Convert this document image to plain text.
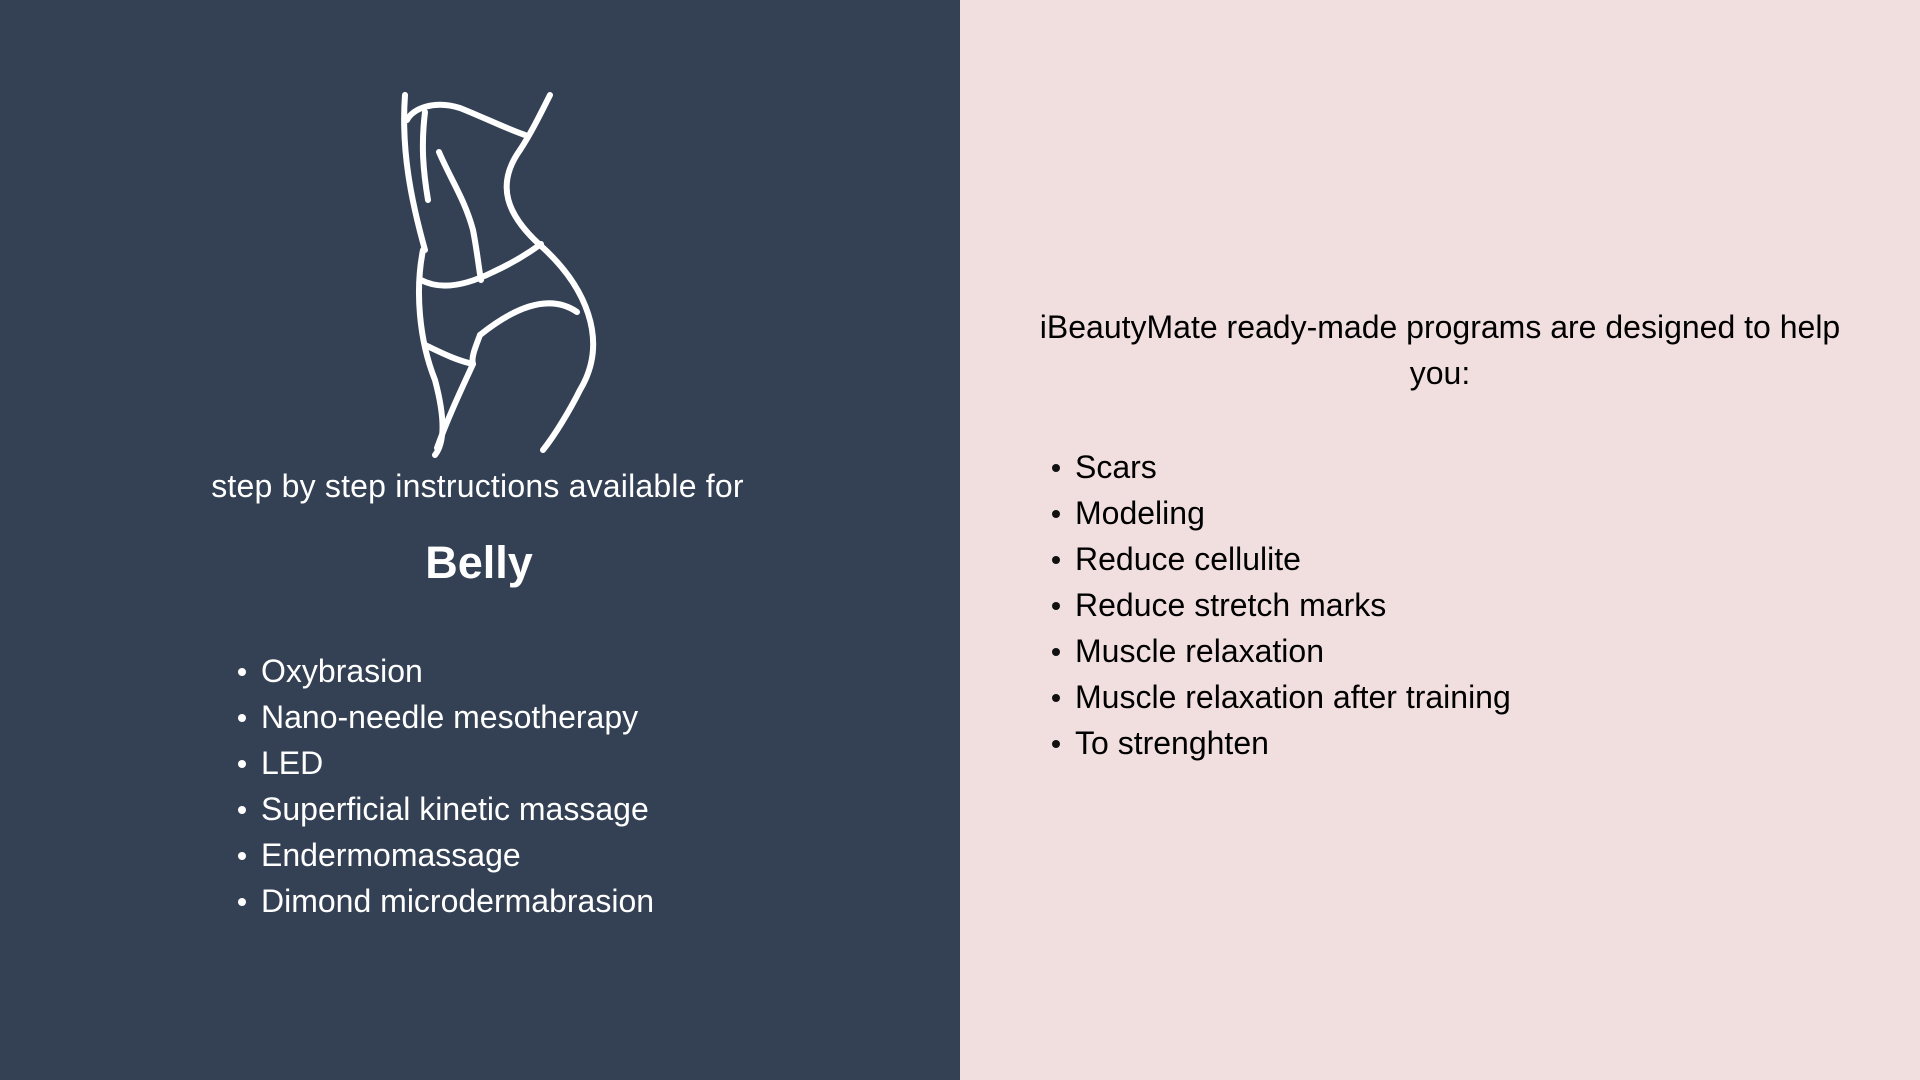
step by step instructions available for
Belly
Oxybrasion
Nano-needle mesotherapy
LED
Superficial kinetic massage
Endermomassage
Dimond microdermabrasion
iBeautyMate ready-made programs are designed to help you:
Scars
Modeling
Reduce cellulite
Reduce stretch marks
Muscle relaxation
Muscle relaxation after training
To strenghten
